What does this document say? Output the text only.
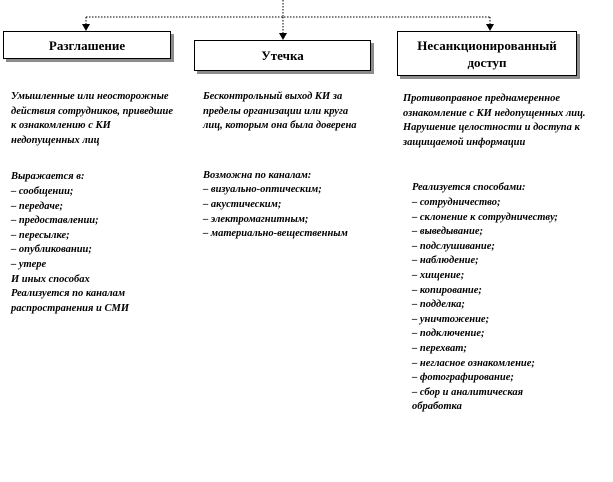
Разглашение
Утечка
Несанкционированный доступ

Умышленные или неосторожные действия сотрудников, приведшие к ознакомлению с КИ недопущенных лиц

Выражается в:

– сообщении;
– передаче;
– предоставлении;
– пересылке;
– опубликовании;
– утере

И иных способах

Реализуется по каналам распространения и СМИ

Бесконтрольный выход КИ за пределы организации или круга лиц, которым она была доверена

Возможна по каналам:

– визуально-оптическим;
– акустическим;
– электромагнитным;
– материально-вещественным

Противоправное преднамеренное ознакомление с КИ недопущенных лиц. Нарушение целостности и доступа к защищаемой информации

Реализуется способами:

– сотрудничество;
– склонение к сотрудничеству;
– выведывание;
– подслушивание;
– наблюдение;
– хищение;
– копирование;
– подделка;
– уничтожение;
– подключение;
– перехват;
– негласное ознакомление;
– фотографирование;
– сбор и аналитическая обработка
